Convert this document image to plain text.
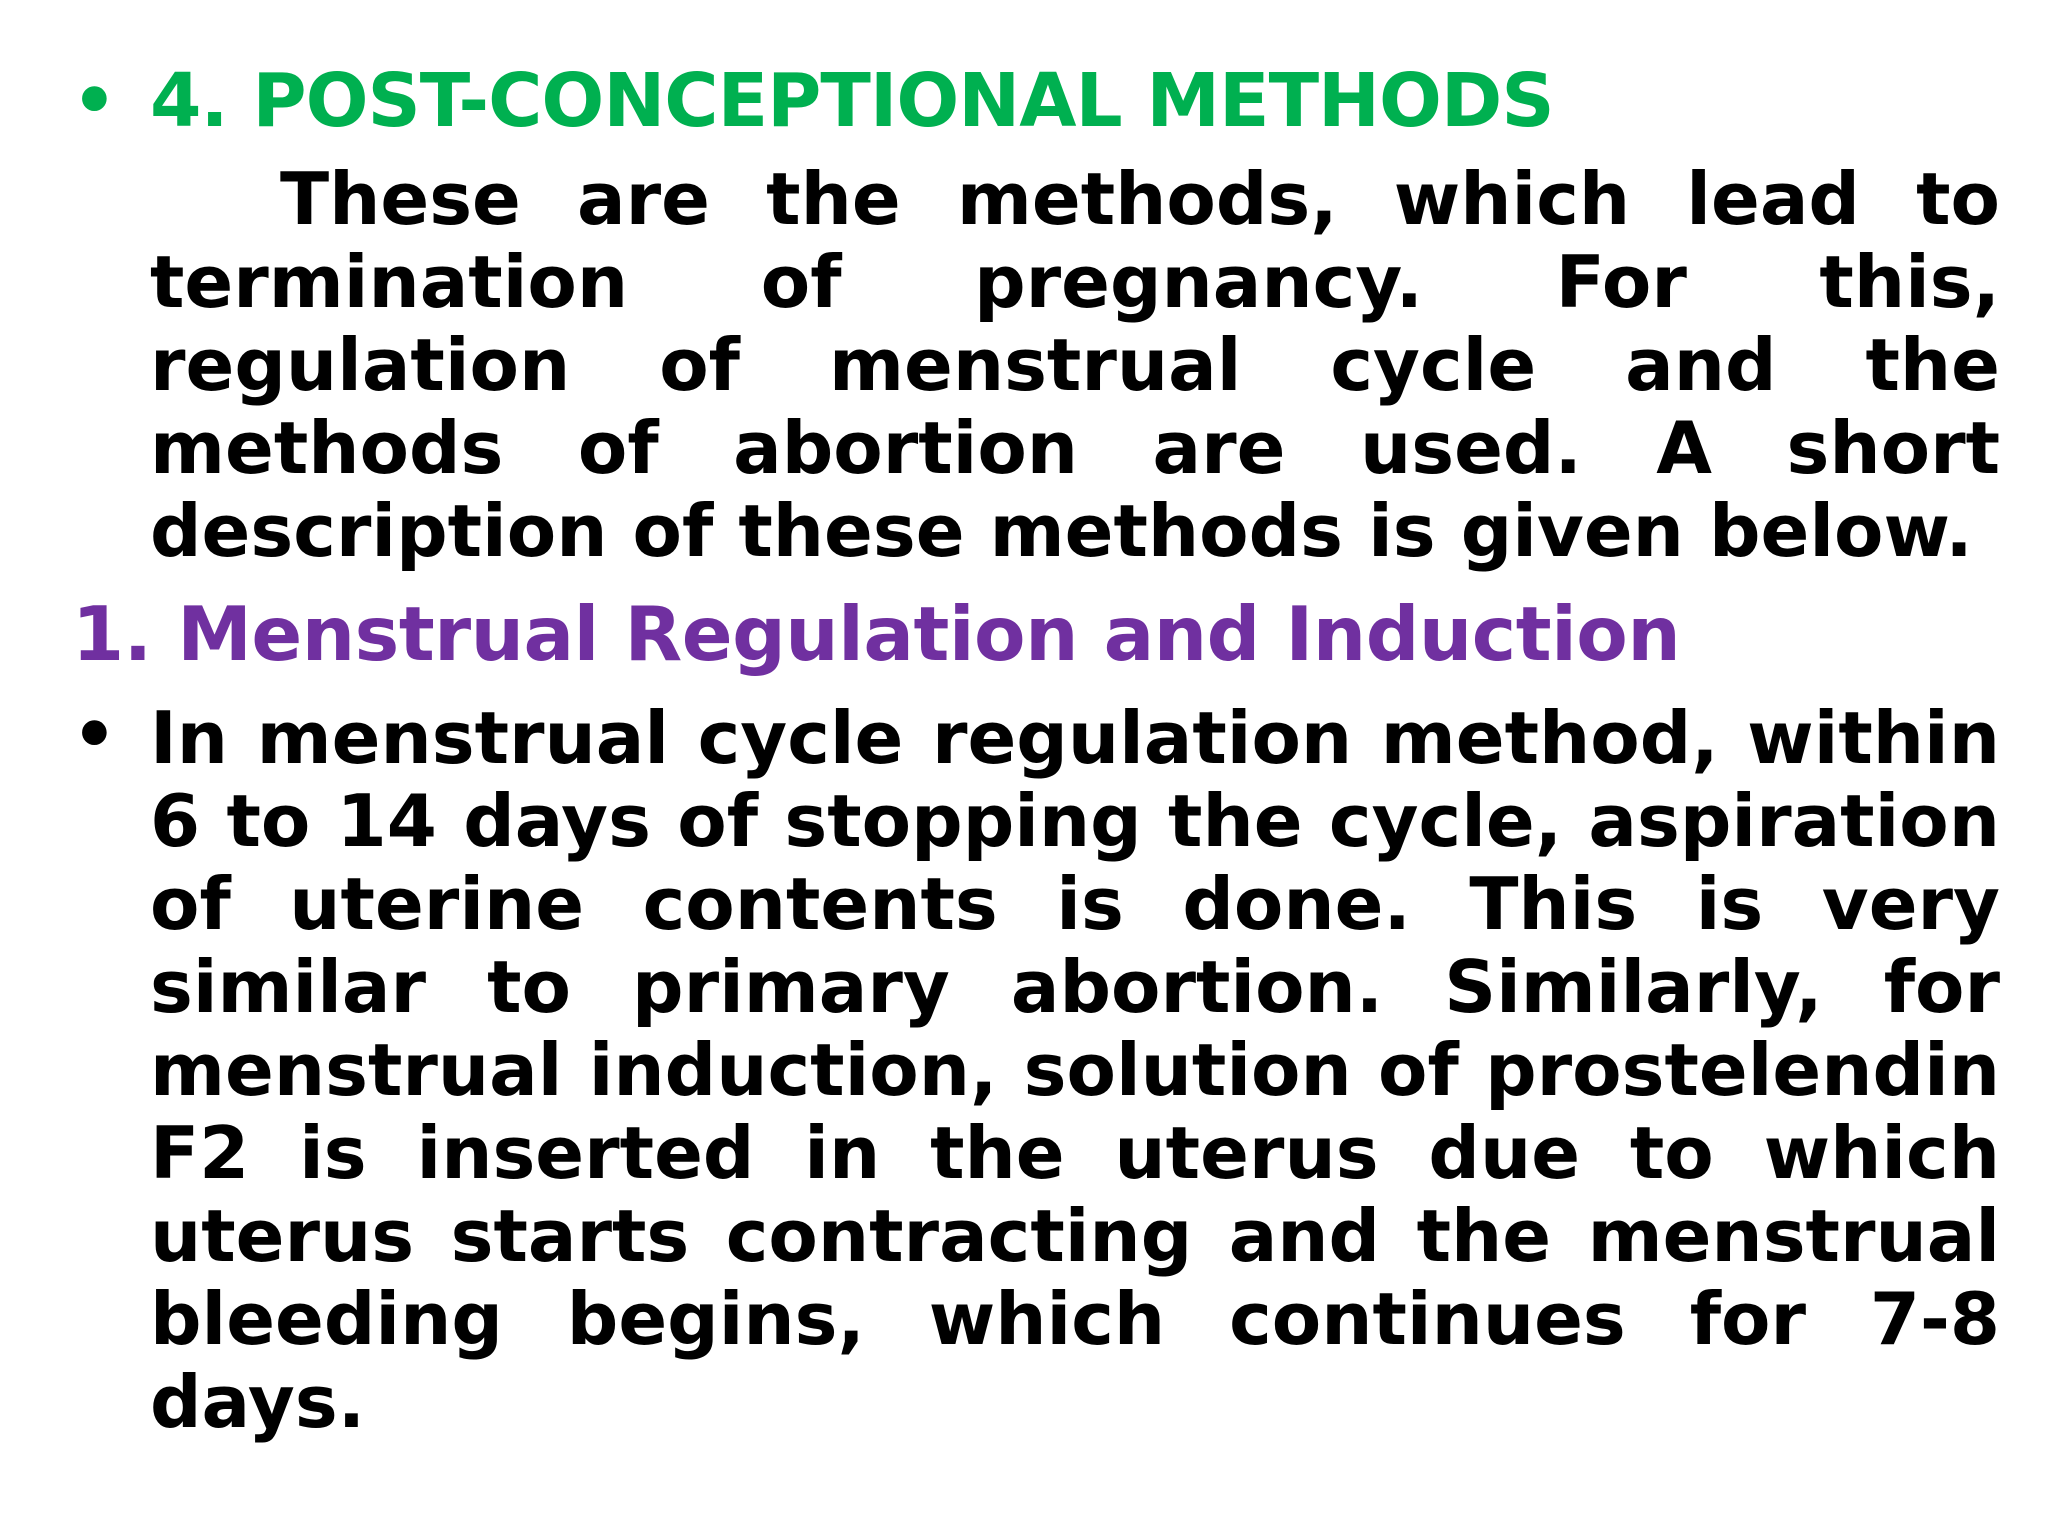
• 4. POST-CONCEPTIONAL METHODS

These are the methods, which lead to termination of pregnancy. For this, regulation of menstrual cycle and the methods of abortion are used. A short description of these methods is given below.

1. Menstrual Regulation and Induction
• In menstrual cycle regulation method, within 6 to 14 days of stopping the cycle, aspiration of uterine contents is done. This is very similar to primary abortion. Similarly, for menstrual induction, solution of prostelendin F2 is inserted in the uterus due to which uterus starts contracting and the menstrual bleeding begins, which continues for 7-8 days.
